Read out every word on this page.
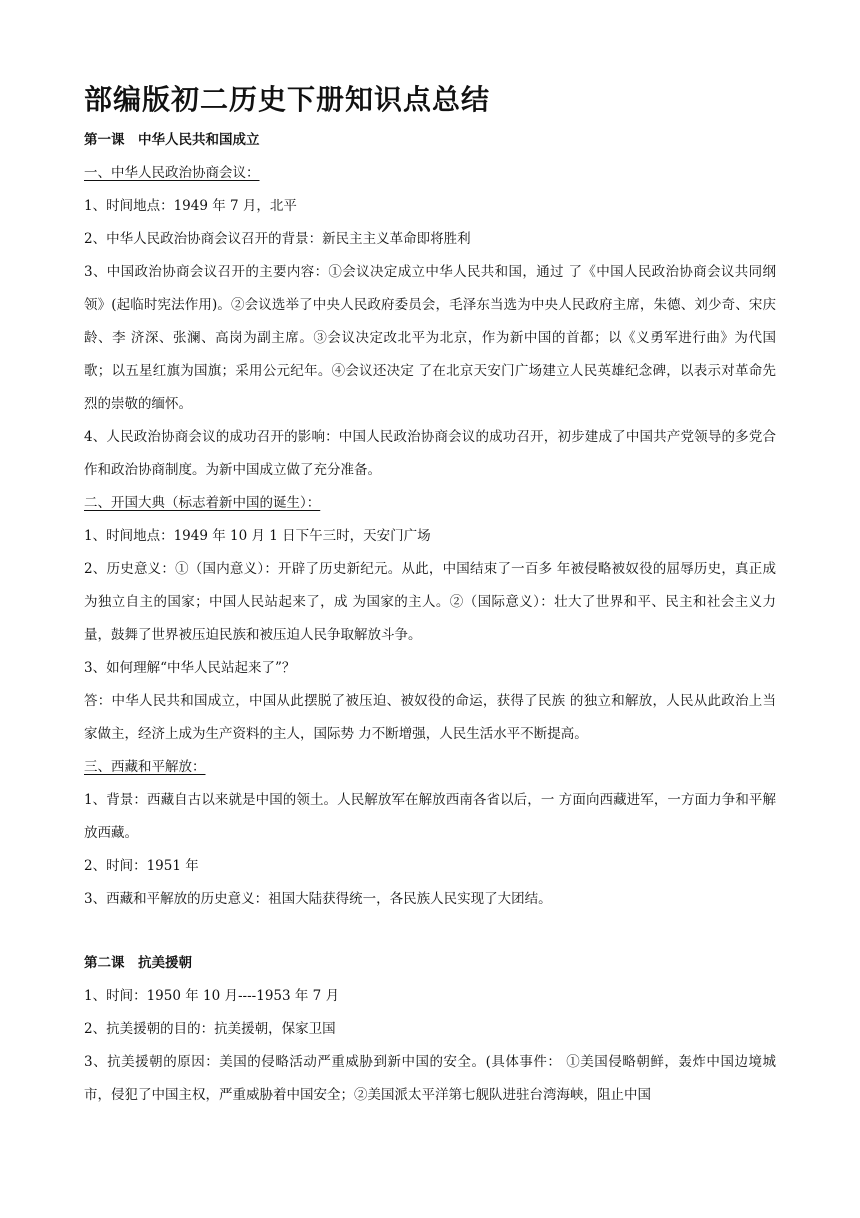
部编版初二历史下册知识点总结

第一课　中华人民共和国成立

一、中华人民政治协商会议：

1、时间地点：1949 年 7 月，北平

2、中华人民政治协商会议召开的背景：新民主主义革命即将胜利

3、中国政治协商会议召开的主要内容：①会议决定成立中华人民共和国，通过 了《中国人民政治协商会议共同纲领》(起临时宪法作用)。②会议选举了中央人民政府委员会，毛泽东当选为中央人民政府主席，朱德、刘少奇、宋庆龄、李 济深、张澜、高岗为副主席。③会议决定改北平为北京，作为新中国的首都；以《义勇军进行曲》为代国歌；以五星红旗为国旗；采用公元纪年。④会议还决定 了在北京天安门广场建立人民英雄纪念碑，以表示对革命先烈的崇敬的缅怀。

4、人民政治协商会议的成功召开的影响：中国人民政治协商会议的成功召开，初步建成了中国共产党领导的多党合作和政治协商制度。为新中国成立做了充分准备。

二、开国大典（标志着新中国的诞生）：

1、时间地点：1949 年 10 月 1 日下午三时，天安门广场

2、历史意义：①（国内意义）：开辟了历史新纪元。从此，中国结束了一百多 年被侵略被奴役的屈辱历史，真正成为独立自主的国家；中国人民站起来了，成 为国家的主人。②（国际意义）：壮大了世界和平、民主和社会主义力量，鼓舞了世界被压迫民族和被压迫人民争取解放斗争。

3、如何理解“中华人民站起来了”？

答：中华人民共和国成立，中国从此摆脱了被压迫、被奴役的命运，获得了民族 的独立和解放，人民从此政治上当家做主，经济上成为生产资料的主人，国际势 力不断增强，人民生活水平不断提高。

三、西藏和平解放：

1、背景：西藏自古以来就是中国的领土。人民解放军在解放西南各省以后，一 方面向西藏进军，一方面力争和平解放西藏。

2、时间：1951 年

3、西藏和平解放的历史意义：祖国大陆获得统一，各民族人民实现了大团结。

第二课　抗美援朝

1、时间：1950 年 10 月----1953 年 7 月

2、抗美援朝的目的：抗美援朝，保家卫国

3、抗美援朝的原因：美国的侵略活动严重威胁到新中国的安全。(具体事件： ①美国侵略朝鲜，轰炸中国边境城市，侵犯了中国主权，严重威胁着中国安全；②美国派太平洋第七舰队进驻台湾海峡，阻止中国
